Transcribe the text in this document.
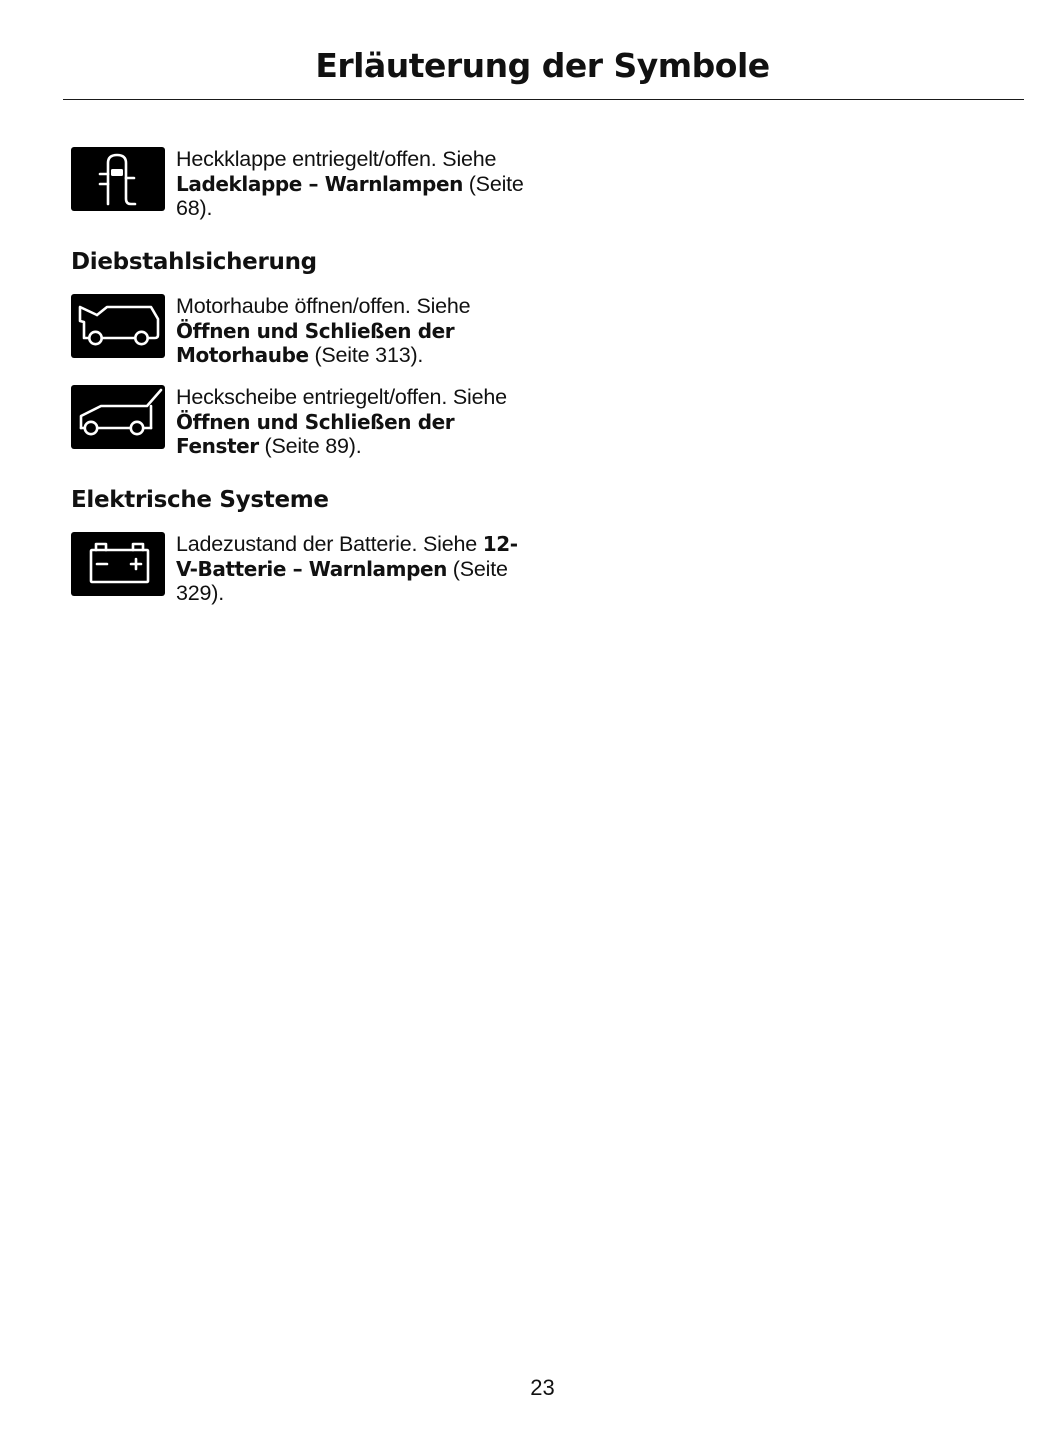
Erläuterung der Symbole
Heckklappe entriegelt/offen. Siehe Ladeklappe – Warnlampen (Seite 68).
Diebstahlsicherung
Motorhaube öffnen/offen. Siehe Öffnen und Schließen der Motorhaube (Seite 313).
Heckscheibe entriegelt/offen. Siehe Öffnen und Schließen der Fenster (Seite 89).
Elektrische Systeme
Ladezustand der Batterie. Siehe 12-V-Batterie – Warnlampen (Seite 329).
23
